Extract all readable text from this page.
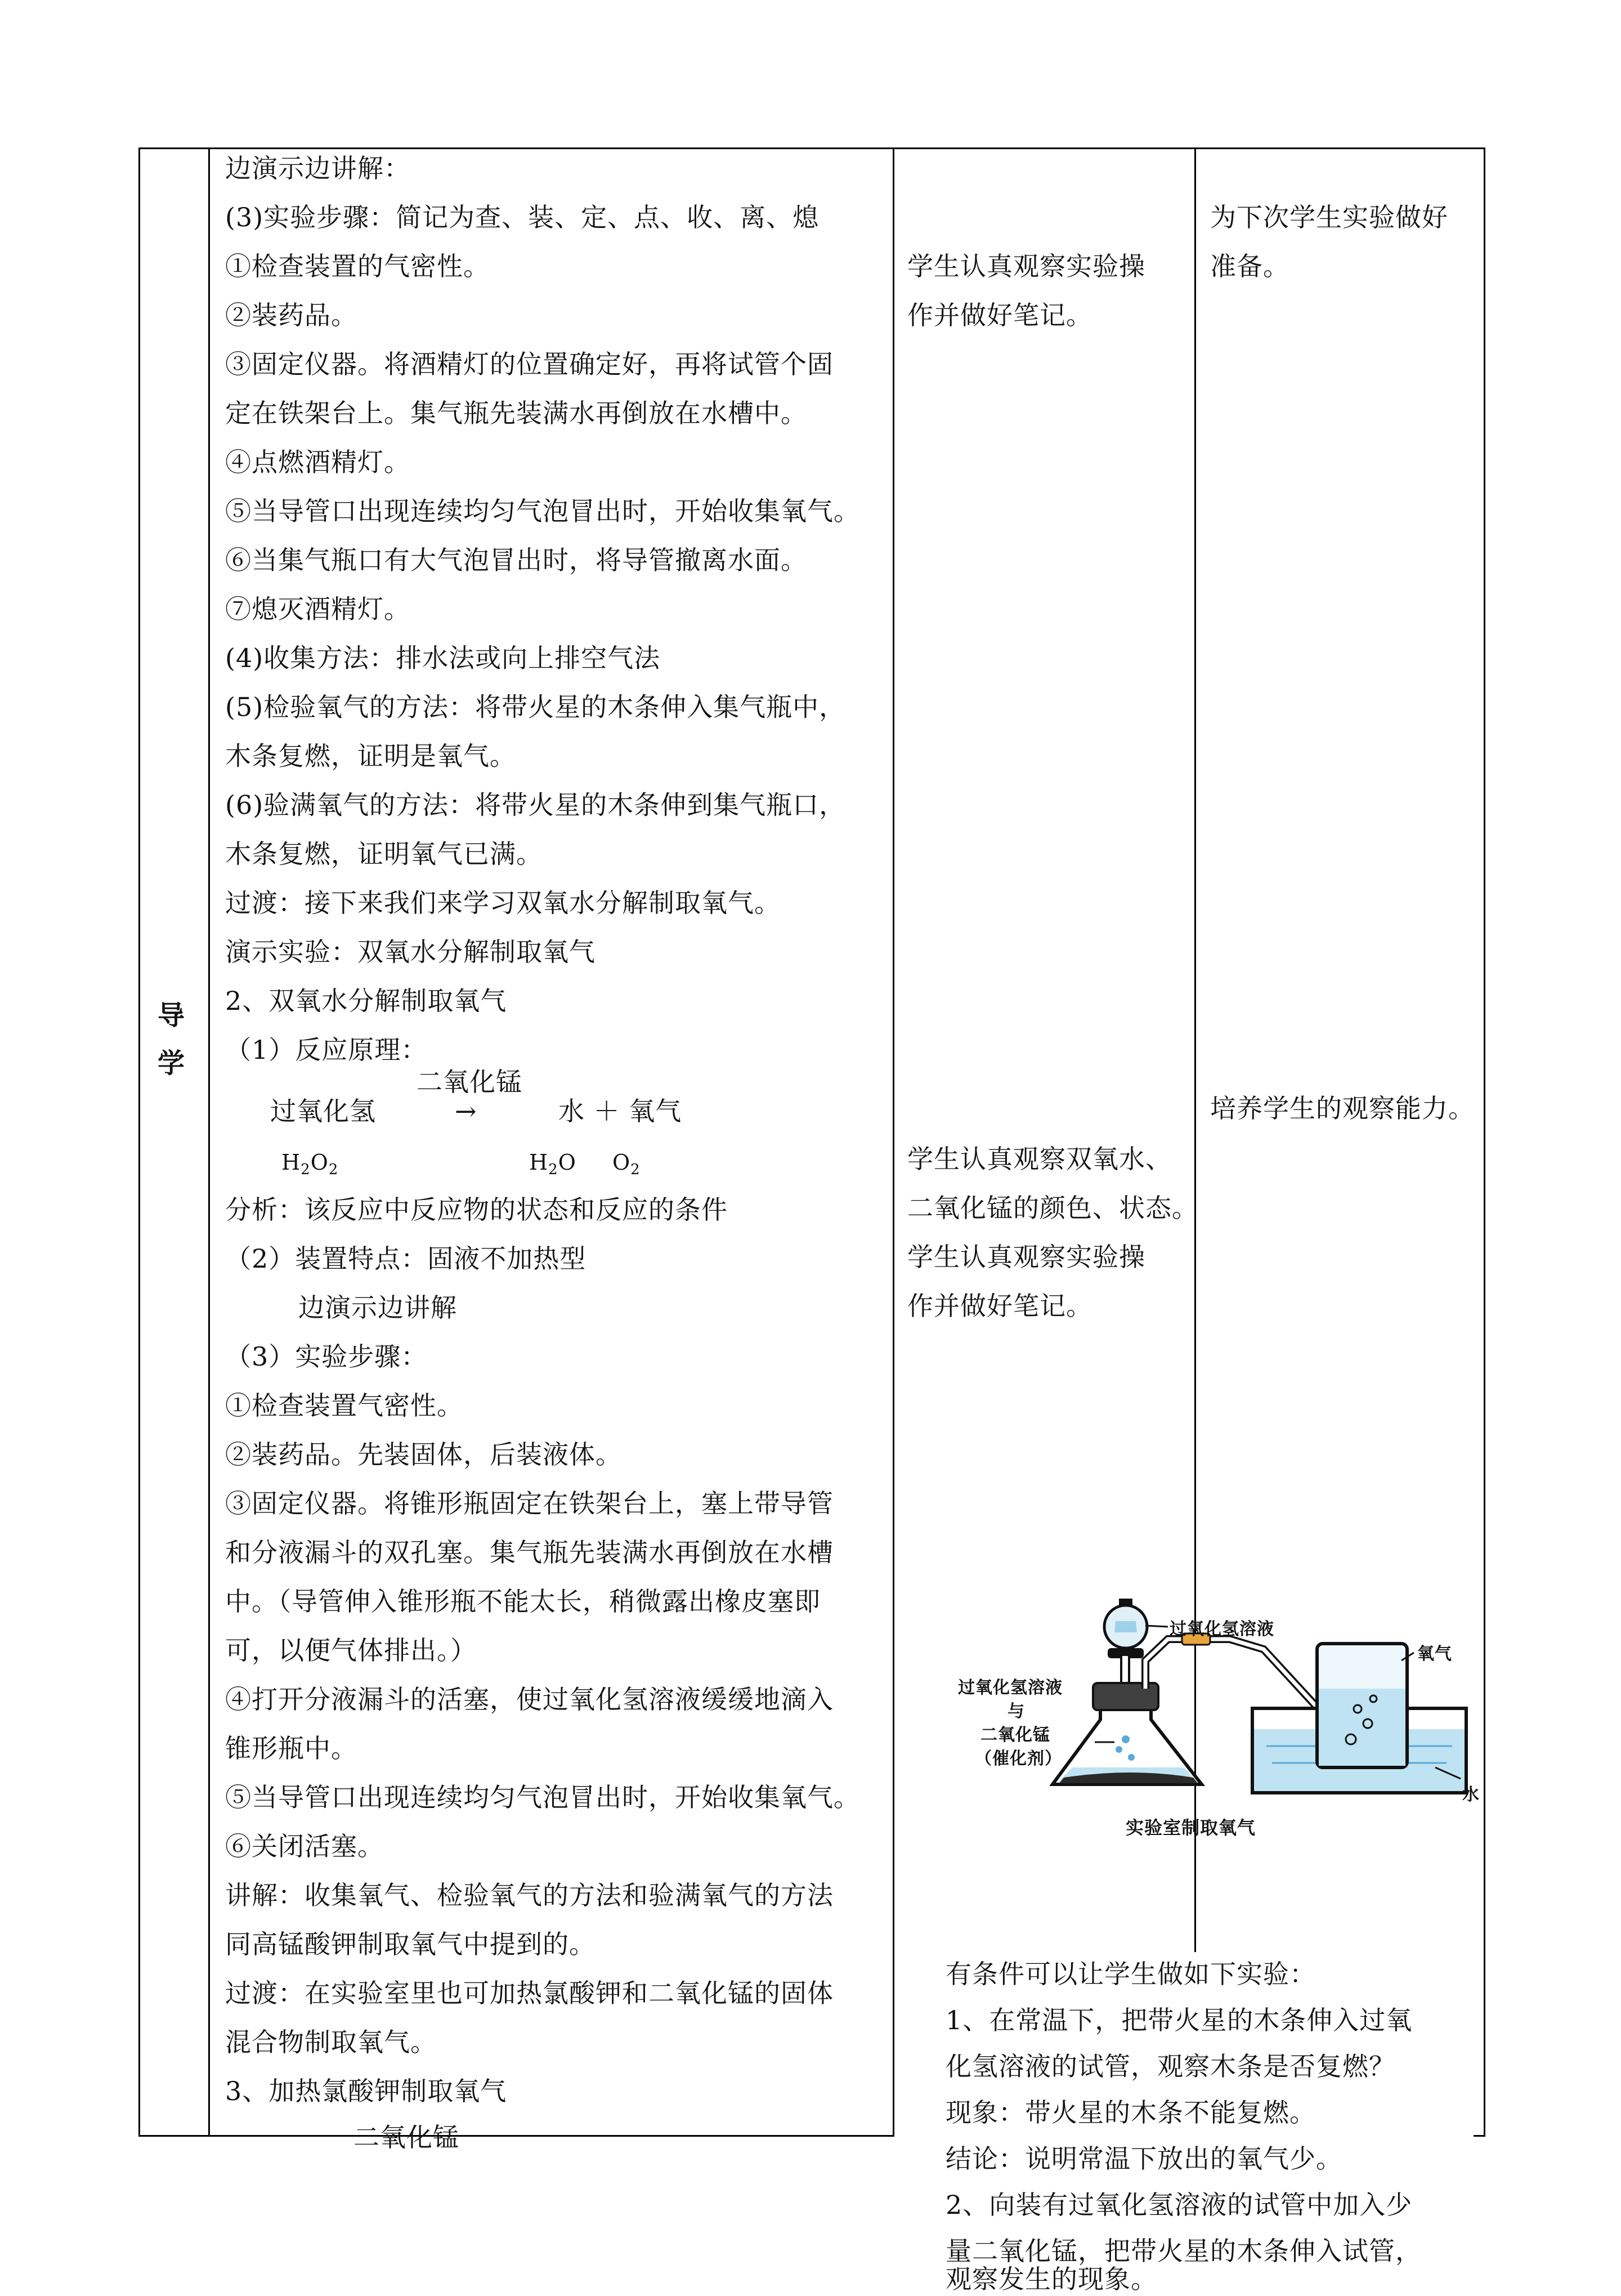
导
学
边演示边讲解：
(3)实验步骤：简记为查、装、定、点、收、离、熄
①检查装置的气密性。
②装药品。
③固定仪器。将酒精灯的位置确定好，再将试管个固
定在铁架台上。集气瓶先装满水再倒放在水槽中。
④点燃酒精灯。
⑤当导管口出现连续均匀气泡冒出时，开始收集氧气。
⑥当集气瓶口有大气泡冒出时，将导管撤离水面。
⑦熄灭酒精灯。
(4)收集方法：排水法或向上排空气法
(5)检验氧气的方法：将带火星的木条伸入集气瓶中，
木条复燃，证明是氧气。
(6)验满氧气的方法：将带火星的木条伸到集气瓶口，
木条复燃，证明氧气已满。
过渡：接下来我们来学习双氧水分解制取氧气。
演示实验：双氧水分解制取氧气
2、双氧水分解制取氧气
（1）反应原理：
二氧化锰
→
过氧化氢	水 ＋ 氧气
$H_2O_2$	$H_2O$ $O_2$
分析：该反应中反应物的状态和反应的条件
（2）装置特点：固液不加热型
边演示边讲解
（3）实验步骤：
①检查装置气密性。
②装药品。先装固体，后装液体。
③固定仪器。将锥形瓶固定在铁架台上，塞上带导管
和分液漏斗的双孔塞。集气瓶先装满水再倒放在水槽
中。（导管伸入锥形瓶不能太长，稍微露出橡皮塞即
可，以便气体排出。）
④打开分液漏斗的活塞，使过氧化氢溶液缓缓地滴入
锥形瓶中。
⑤当导管口出现连续均匀气泡冒出时，开始收集氧气。
⑥关闭活塞。
讲解：收集氧气、检验氧气的方法和验满氧气的方法
同高锰酸钾制取氧气中提到的。
过渡：在实验室里也可加热氯酸钾和二氧化锰的固体
混合物制取氧气。
3、加热氯酸钾制取氧气
二氧化锰
学生认真观察实验操
作并做好笔记。
学生认真观察双氧水、
二氧化锰的颜色、状态。
学生认真观察实验操
作并做好笔记。
为下次学生实验做好
准备。
培养学生的观察能力。
过氧化氢溶液
氧气
过氧化氢溶液
与
二氧化锰
（催化剂）
水
实验室制取氧气
有条件可以让学生做如下实验：
1、在常温下，把带火星的木条伸入过氧
化氢溶液的试管，观察木条是否复燃？
现象：带火星的木条不能复燃。
结论：说明常温下放出的氧气少。
2、向装有过氧化氢溶液的试管中加入少
量二氧化锰，把带火星的木条伸入试管，
观察发生的现象。
